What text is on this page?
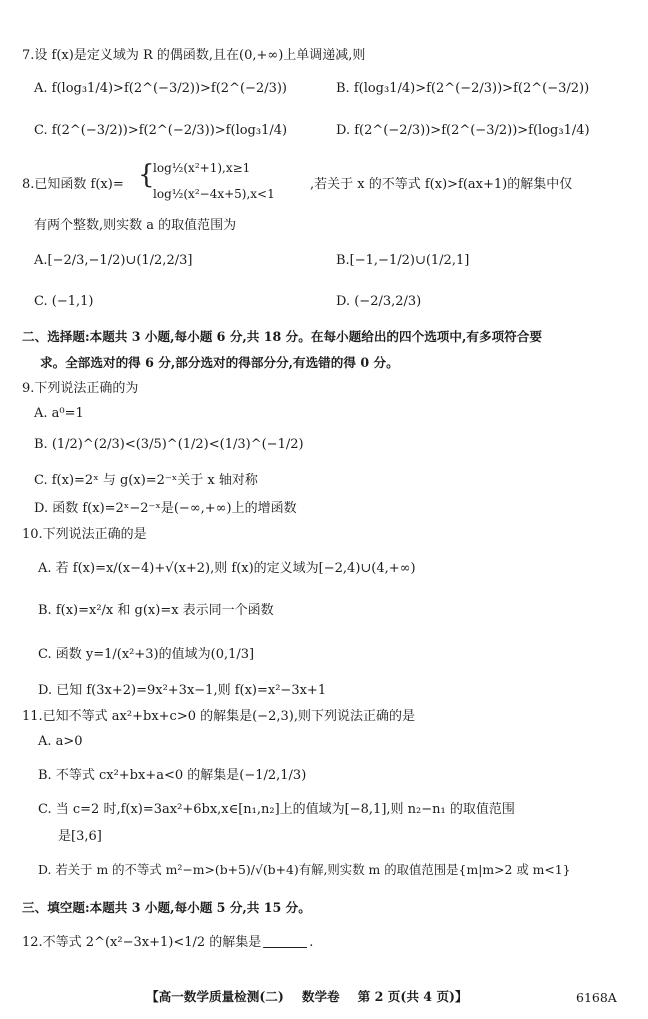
7.设 f(x)是定义域为 R 的偶函数,且在(0,+∞)上单调递减,则
A. f(log₃1/4)>f(2^(−3/2))>f(2^(−2/3))	B. f(log₃1/4)>f(2^(−2/3))>f(2^(−3/2))
C. f(2^(−3/2))>f(2^(−2/3))>f(log₃1/4)	D. f(2^(−2/3))>f(2^(−3/2))>f(log₃1/4)
8.已知函数 f(x)= {
log½(x²+1),x≥1
log½(x²−4x+5),x<1
,若关于 x 的不等式 f(x)>f(ax+1)的解集中仅
有两个整数,则实数 a 的取值范围为
A.[−2/3,−1/2)∪(1/2,2/3]	B.[−1,−1/2)∪(1/2,1]
C. (−1,1)	D. (−2/3,2/3)
二、选择题:本题共 3 小题,每小题 6 分,共 18 分。在每小题给出的四个选项中,有多项符合要
求。全部选对的得 6 分,部分选对的得部分分,有选错的得 0 分。
9.下列说法正确的为
A. a⁰=1
B. (1/2)^(2/3)<(3/5)^(1/2)<(1/3)^(−1/2)
C. f(x)=2ˣ 与 g(x)=2⁻ˣ关于 x 轴对称
D. 函数 f(x)=2ˣ−2⁻ˣ是(−∞,+∞)上的增函数
10.下列说法正确的是
A. 若 f(x)=x/(x−4)+√(x+2),则 f(x)的定义域为[−2,4)∪(4,+∞)
B. f(x)=x²/x 和 g(x)=x 表示同一个函数
C. 函数 y=1/(x²+3)的值域为(0,1/3]
D. 已知 f(3x+2)=9x²+3x−1,则 f(x)=x²−3x+1
11.已知不等式 ax²+bx+c>0 的解集是(−2,3),则下列说法正确的是
A. a>0
B. 不等式 cx²+bx+a<0 的解集是(−1/2,1/3)
C. 当 c=2 时,f(x)=3ax²+6bx,x∈[n₁,n₂]上的值域为[−8,1],则 n₂−n₁ 的取值范围
是[3,6]
D. 若关于 m 的不等式 m²−m>(b+5)/√(b+4)有解,则实数 m 的取值范围是{m|m>2 或 m<1}
三、填空题:本题共 3 小题,每小题 5 分,共 15 分。
12.不等式 2^(x²−3x+1)<1/2 的解集是	.
【高一数学质量检测(二) 数学卷 第 2 页(共 4 页)】	6168A
